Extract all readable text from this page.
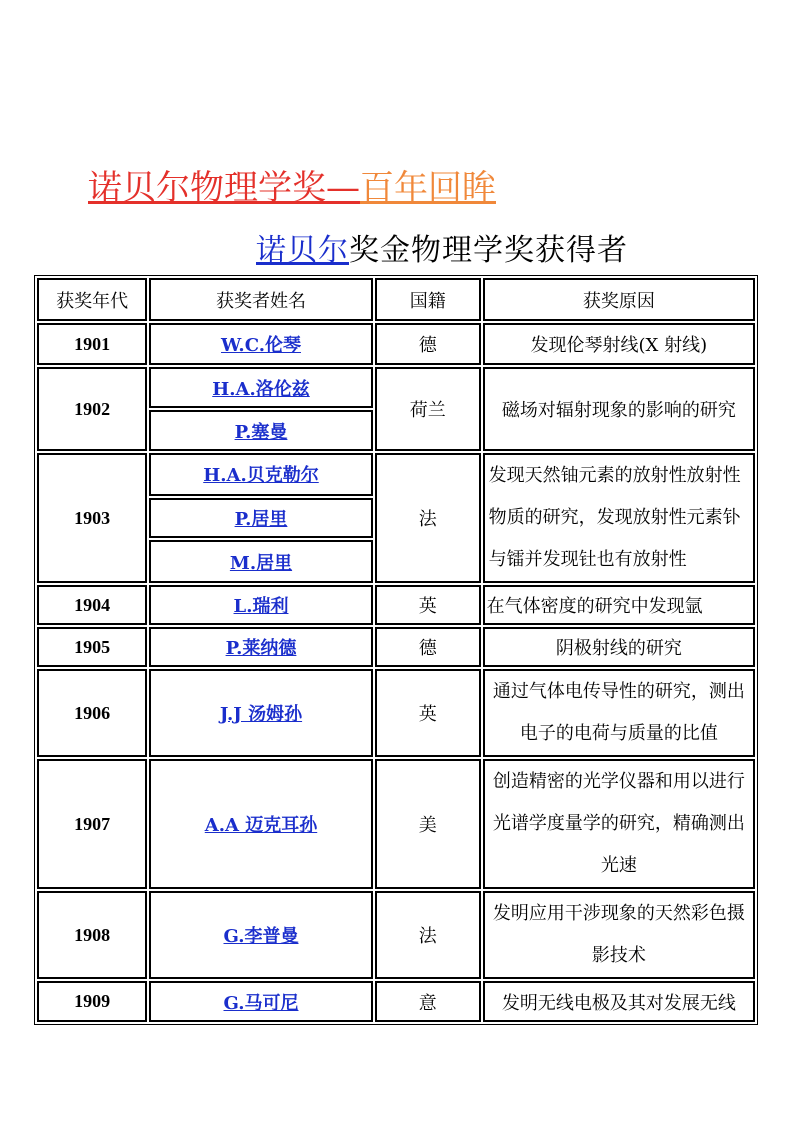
诺贝尔物理学奖—百年回眸
诺贝尔奖金物理学奖获得者
获奖年代	获奖者姓名	国籍	获奖原因
1901	W.C.伦琴	德	发现伦琴射线(X 射线)
1902	H.A.洛伦兹	荷兰	磁场对辐射现象的影响的研究
	P.塞曼		
1903	H.A.贝克勒尔	法	发现天然铀元素的放射性放射性物质的研究，发现放射性元素钋与镭并发现钍也有放射性
	P.居里		
	M.居里		
1904	L.瑞利	英	在气体密度的研究中发现氩
1905	P.莱纳德	德	阴极射线的研究
1906	J.J 汤姆孙	英	通过气体电传导性的研究，测出电子的电荷与质量的比值
1907	A.A 迈克耳孙	美	创造精密的光学仪器和用以进行光谱学度量学的研究，精确测出光速
1908	G.李普曼	法	发明应用干涉现象的天然彩色摄影技术
1909	G.马可尼	意	发明无线电极及其对发展无线
